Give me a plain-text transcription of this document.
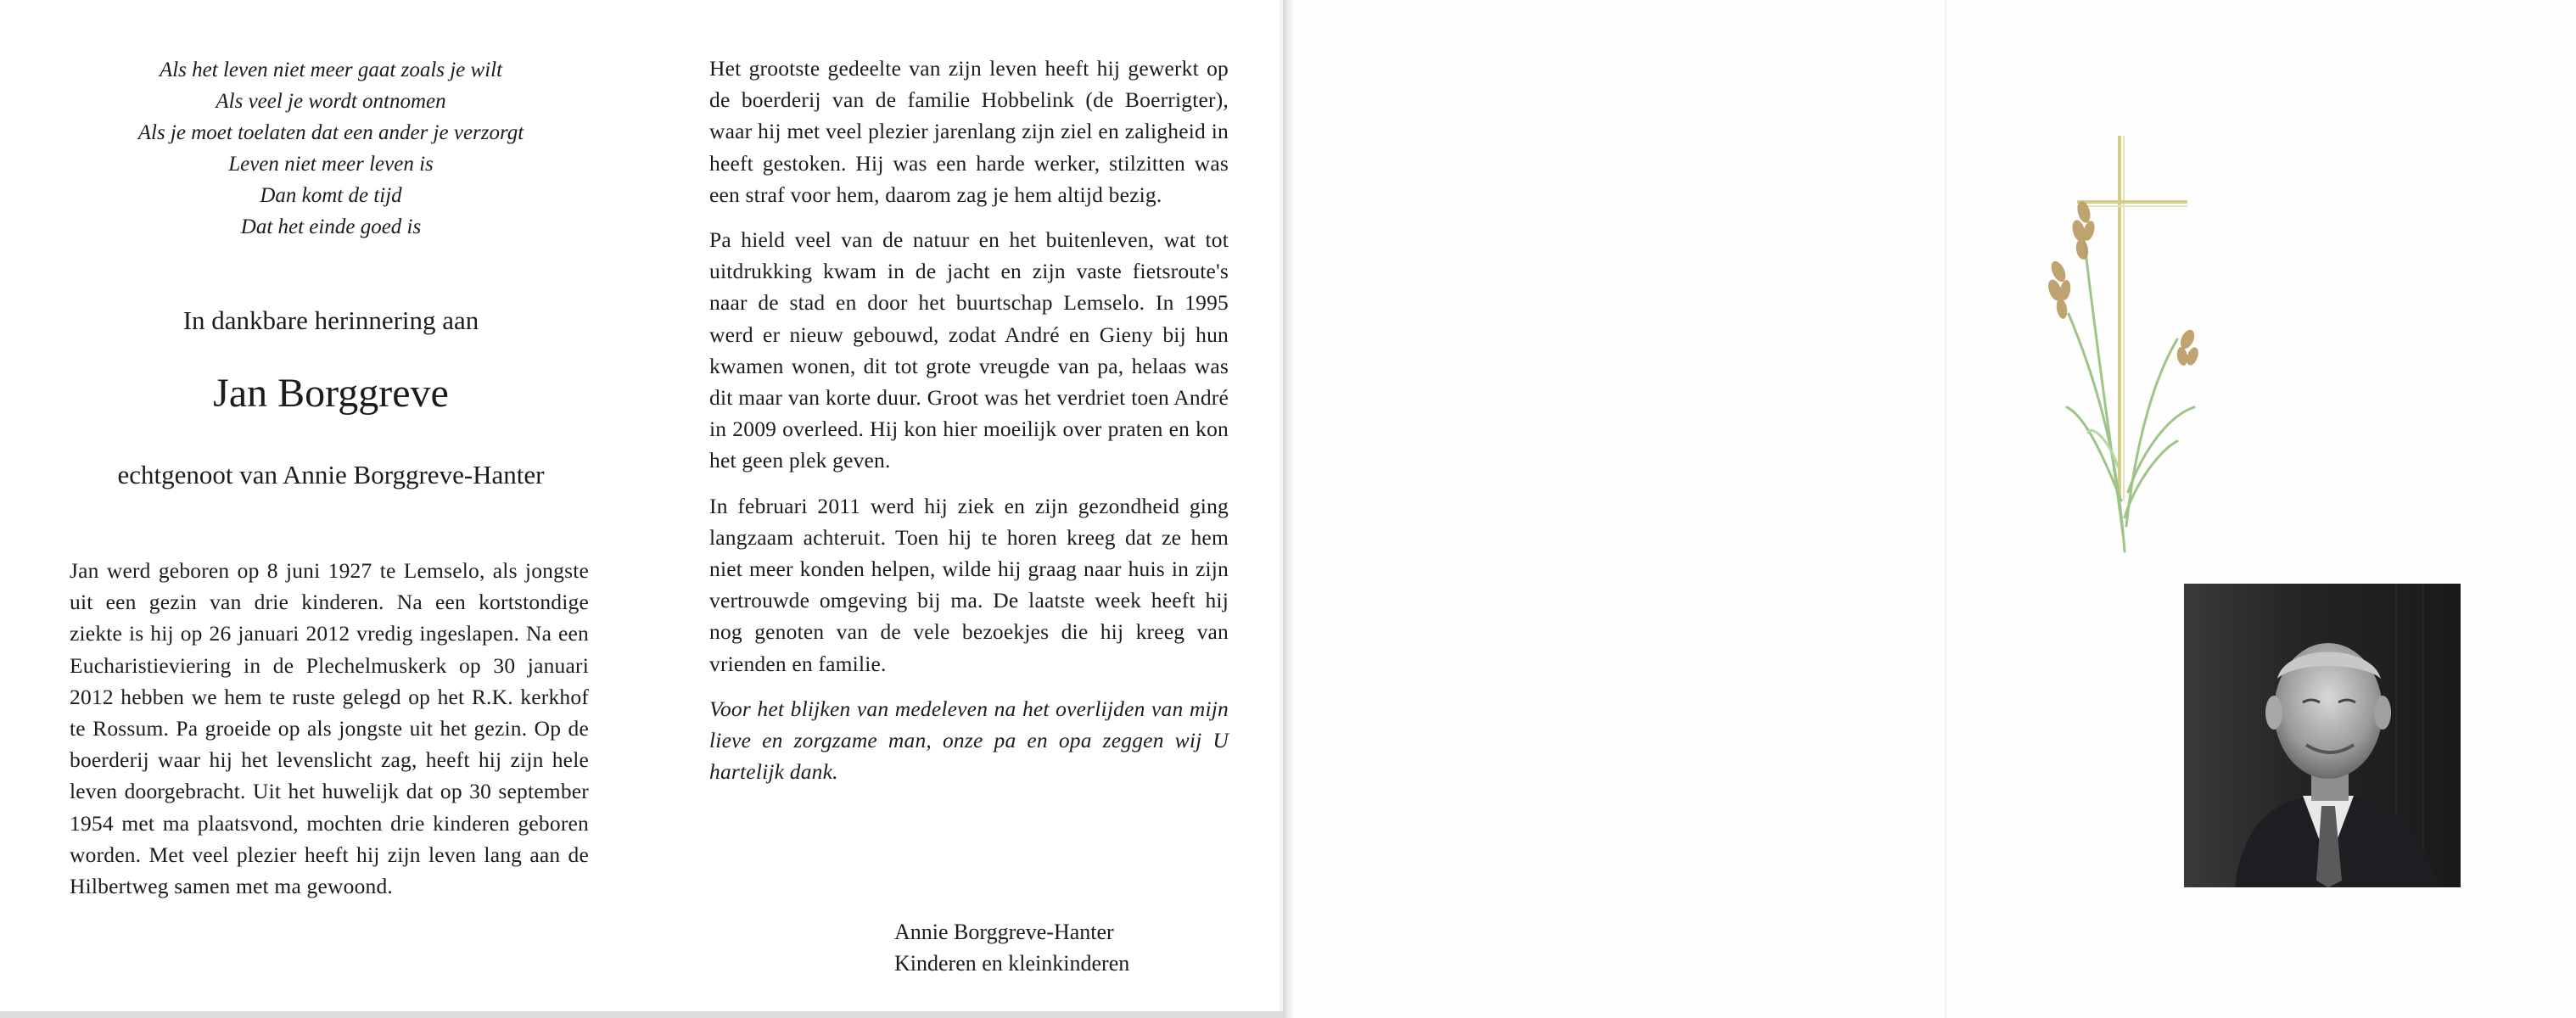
Als het leven niet meer gaat zoals je wilt
Als veel je wordt ontnomen
Als je moet toelaten dat een ander je verzorgt
Leven niet meer leven is
Dan komt de tijd
Dat het einde goed is
In dankbare herinnering aan
Jan Borggreve
echtgenoot van Annie Borggreve-Hanter
Jan werd geboren op 8 juni 1927 te Lemselo, als jongste uit een gezin van drie kinderen. Na een kortstondige ziekte is hij op 26 januari 2012 vredig ingeslapen. Na een Eucharistieviering in de Plechelmuskerk op 30 januari 2012 hebben we hem te ruste gelegd op het R.K. kerkhof te Rossum. Pa groeide op als jongste uit het gezin. Op de boerderij waar hij het levenslicht zag, heeft hij zijn hele leven doorgebracht. Uit het huwelijk dat op 30 september 1954 met ma plaatsvond, mochten drie kinderen geboren worden. Met veel plezier heeft hij zijn leven lang aan de Hilbertweg samen met ma gewoond.

Het grootste gedeelte van zijn leven heeft hij gewerkt op de boerderij van de familie Hobbelink (de Boerrigter), waar hij met veel plezier jarenlang zijn ziel en zaligheid in heeft gestoken. Hij was een harde werker, stilzitten was een straf voor hem, daarom zag je hem altijd bezig.

Pa hield veel van de natuur en het buitenleven, wat tot uitdrukking kwam in de jacht en zijn vaste fietsroute's naar de stad en door het buurtschap Lemselo. In 1995 werd er nieuw gebouwd, zodat André en Gieny bij hun kwamen wonen, dit tot grote vreugde van pa, helaas was dit maar van korte duur. Groot was het verdriet toen André in 2009 overleed. Hij kon hier moeilijk over praten en kon het geen plek geven.

In februari 2011 werd hij ziek en zijn gezondheid ging langzaam achteruit. Toen hij te horen kreeg dat ze hem niet meer konden helpen, wilde hij graag naar huis in zijn vertrouwde omgeving bij ma. De laatste week heeft hij nog genoten van de vele bezoekjes die hij kreeg van vrienden en familie.

Voor het blijken van medeleven na het overlijden van mijn lieve en zorgzame man, onze pa en opa zeggen wij U hartelijk dank.

Annie Borggreve-Hanter
Kinderen en kleinkinderen
